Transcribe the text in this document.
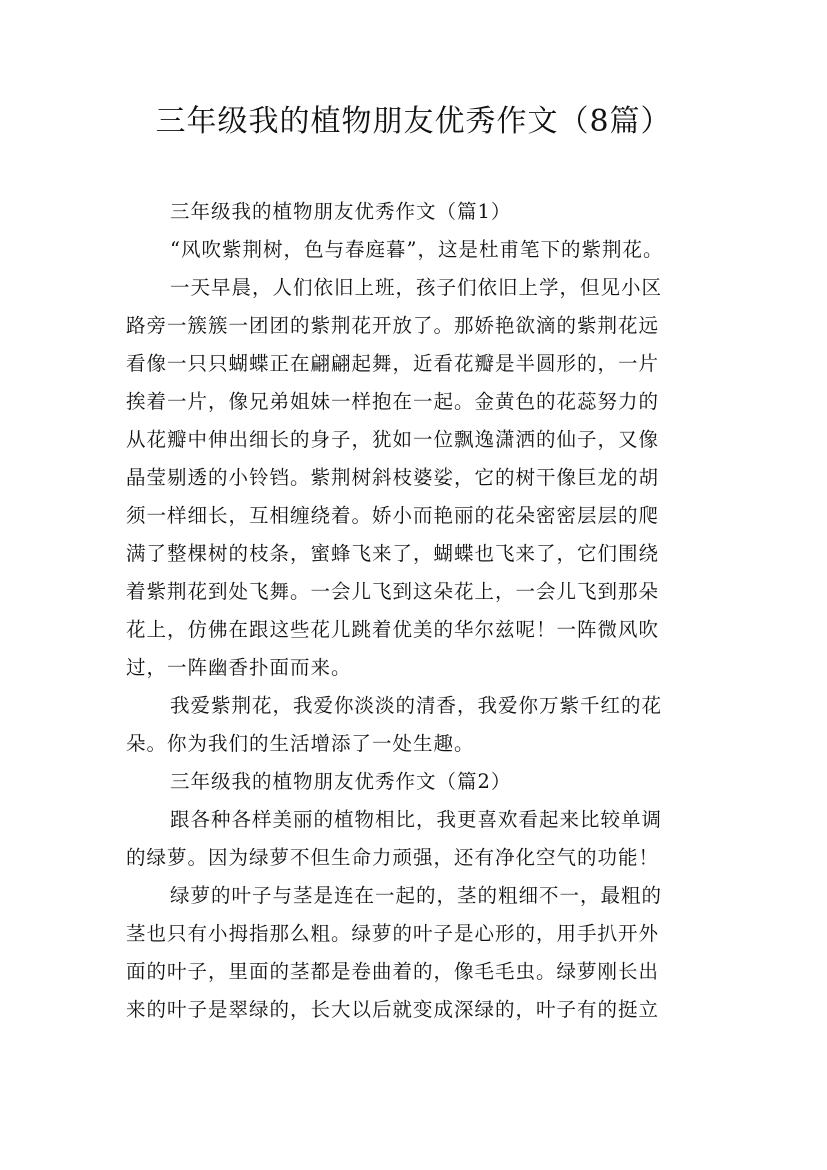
三年级我的植物朋友优秀作文（8篇）
三年级我的植物朋友优秀作文（篇1）
“风吹紫荆树，色与春庭暮”，这是杜甫笔下的紫荆花。
一天早晨，人们依旧上班，孩子们依旧上学，但见小区
路旁一簇簇一团团的紫荆花开放了。那娇艳欲滴的紫荆花远
看像一只只蝴蝶正在翩翩起舞，近看花瓣是半圆形的，一片
挨着一片，像兄弟姐妹一样抱在一起。金黄色的花蕊努力的
从花瓣中伸出细长的身子，犹如一位飘逸潇洒的仙子，又像
晶莹剔透的小铃铛。紫荆树斜枝婆娑，它的树干像巨龙的胡
须一样细长，互相缠绕着。娇小而艳丽的花朵密密层层的爬
满了整棵树的枝条，蜜蜂飞来了，蝴蝶也飞来了，它们围绕
着紫荆花到处飞舞。一会儿飞到这朵花上，一会儿飞到那朵
花上，仿佛在跟这些花儿跳着优美的华尔兹呢！一阵微风吹
过，一阵幽香扑面而来。
我爱紫荆花，我爱你淡淡的清香，我爱你万紫千红的花
朵。你为我们的生活增添了一处生趣。
三年级我的植物朋友优秀作文（篇2）
跟各种各样美丽的植物相比，我更喜欢看起来比较单调
的绿萝。因为绿萝不但生命力顽强，还有净化空气的功能！
绿萝的叶子与茎是连在一起的，茎的粗细不一，最粗的
茎也只有小拇指那么粗。绿萝的叶子是心形的，用手扒开外
面的叶子，里面的茎都是卷曲着的，像毛毛虫。绿萝刚长出
来的叶子是翠绿的，长大以后就变成深绿的，叶子有的挺立
